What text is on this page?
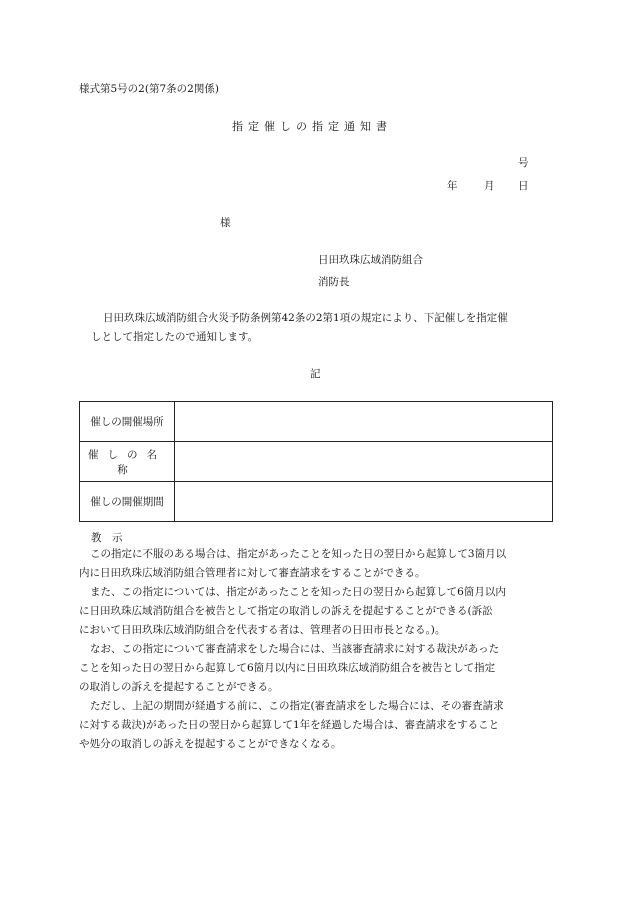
様式第5号の2(第7条の2関係)
指定催しの指定通知書
号
年	月 日
様
日田玖珠広域消防組合
消防長
日田玖珠広域消防組合火災予防条例第42条の2第1項の規定により、下記催しを指定催
しとして指定したので通知します。
記
催しの開催場所	
催しの名称	
催しの開催期間	
教　示
この指定に不服のある場合は、指定があったことを知った日の翌日から起算して3箇月以
内に日田玖珠広域消防組合管理者に対して審査請求をすることができる。
また、この指定については、指定があったことを知った日の翌日から起算して6箇月以内
に日田玖珠広域消防組合を被告として指定の取消しの訴えを提起することができる(訴訟
において日田玖珠広域消防組合を代表する者は、管理者の日田市長となる。)。
なお、この指定について審査請求をした場合には、当該審査請求に対する裁決があった
ことを知った日の翌日から起算して6箇月以内に日田玖珠広域消防組合を被告として指定
の取消しの訴えを提起することができる。
ただし、上記の期間が経過する前に、この指定(審査請求をした場合には、その審査請求
に対する裁決)があった日の翌日から起算して1年を経過した場合は、審査請求をすること
や処分の取消しの訴えを提起することができなくなる。
